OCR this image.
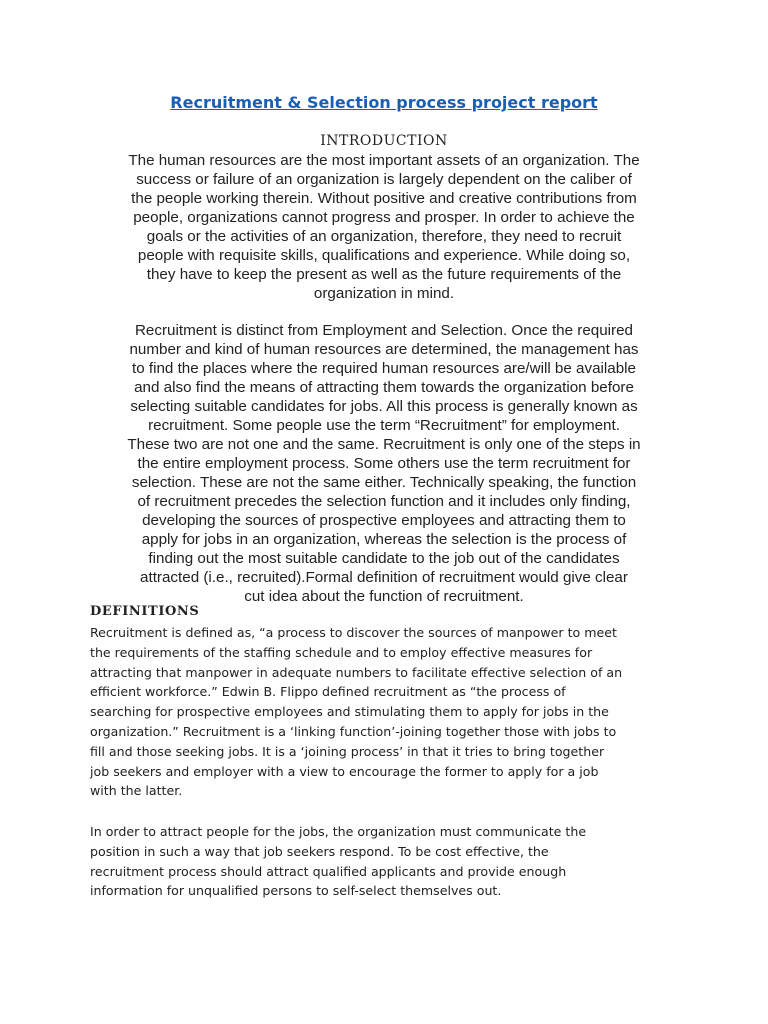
Recruitment & Selection process project report
INTRODUCTION
The human resources are the most important assets of an organization. The
success or failure of an organization is largely dependent on the caliber of
the people working therein. Without positive and creative contributions from
people, organizations cannot progress and prosper. In order to achieve the
goals or the activities of an organization, therefore, they need to recruit
people with requisite skills, qualifications and experience. While doing so,
they have to keep the present as well as the future requirements of the
organization in mind.
Recruitment is distinct from Employment and Selection. Once the required
number and kind of human resources are determined, the management has
to find the places where the required human resources are/will be available
and also find the means of attracting them towards the organization before
selecting suitable candidates for jobs. All this process is generally known as
recruitment. Some people use the term “Recruitment” for employment.
These two are not one and the same. Recruitment is only one of the steps in
the entire employment process. Some others use the term recruitment for
selection. These are not the same either. Technically speaking, the function
of recruitment precedes the selection function and it includes only finding,
developing the sources of prospective employees and attracting them to
apply for jobs in an organization, whereas the selection is the process of
finding out the most suitable candidate to the job out of the candidates
attracted (i.e., recruited).Formal definition of recruitment would give clear
cut idea about the function of recruitment.
DEFINITIONS
Recruitment is defined as, “a process to discover the sources of manpower to meet
the requirements of the staffing schedule and to employ effective measures for
attracting that manpower in adequate numbers to facilitate effective selection of an
efficient workforce.” Edwin B. Flippo defined recruitment as “the process of
searching for prospective employees and stimulating them to apply for jobs in the
organization.” Recruitment is a ‘linking function’-joining together those with jobs to
fill and those seeking jobs. It is a ‘joining process’ in that it tries to bring together
job seekers and employer with a view to encourage the former to apply for a job
with the latter.
In order to attract people for the jobs, the organization must communicate the
position in such a way that job seekers respond. To be cost effective, the
recruitment process should attract qualified applicants and provide enough
information for unqualified persons to self-select themselves out.
